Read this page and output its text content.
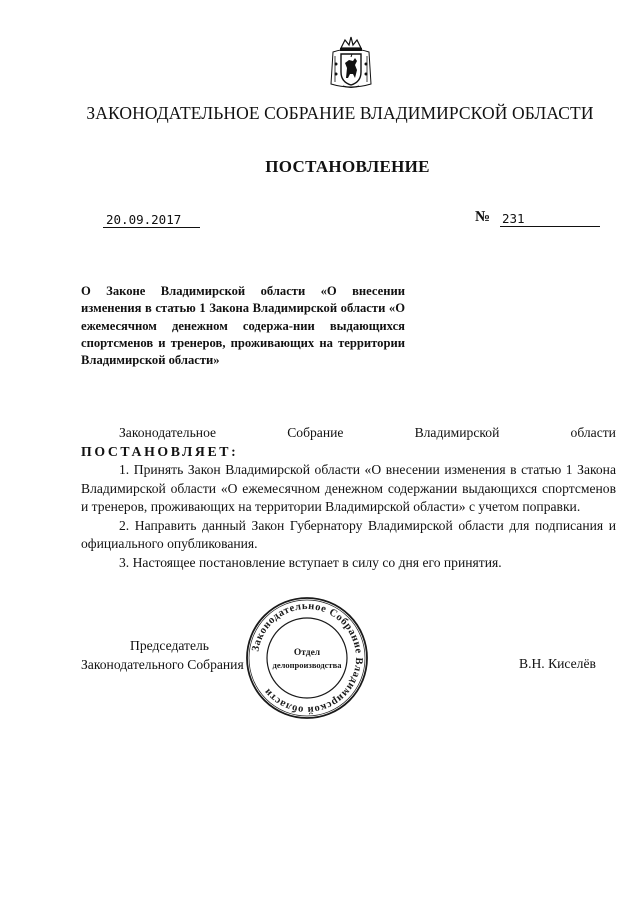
ЗАКОНОДАТЕЛЬНОЕ СОБРАНИЕ ВЛАДИМИРСКОЙ ОБЛАСТИ
ПОСТАНОВЛЕНИЕ
20.09.2017	№ 231
О Законе Владимирской области «О внесении изменения в статью 1 Закона Владимирской области «О ежемесячном денежном содержа-нии выдающихся спортсменов и тренеров, проживающих на территории Владимирской области»
Законодательное	Собрание	Владимирской	области

ПОСТАНОВЛЯЕТ:

1. Принять Закон Владимирской области «О внесении изменения в статью 1 Закона Владимирской области «О ежемесячном денежном содержании выдающихся спортсменов и тренеров, проживающих на территории Владимирской области» с учетом поправки.

2. Направить данный Закон Губернатору Владимирской области для подписания и официального опубликования.

3. Настоящее постановление вступает в силу со дня его принятия.

Председатель
Законодательного Собрания	В.Н. Киселёв
Законодательное Собрание Владимирской области
Отдел
делопроизводства
